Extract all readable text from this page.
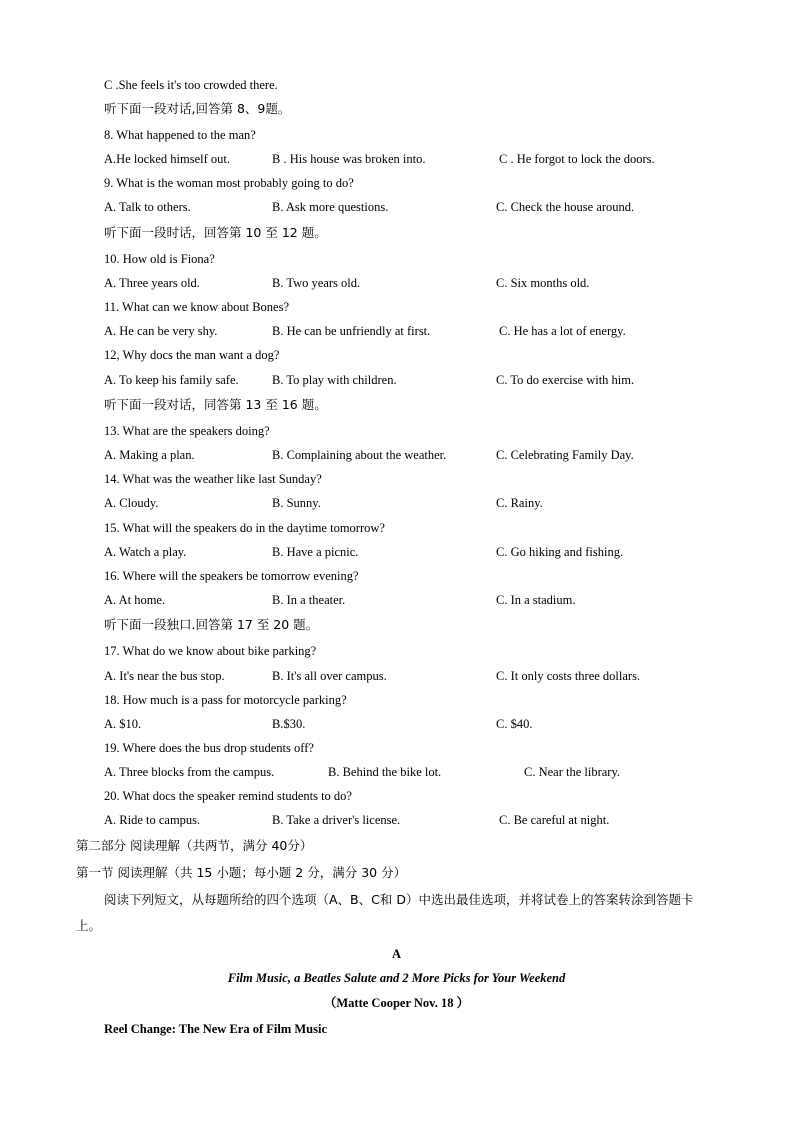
C .She feels it's too crowded there.
听下面一段对话,回答第 8、9题。
8. What happened to the man?
A.He locked himself out.	B . His house was broken into.	C . He forgot to lock the doors.
9. What is the woman most probably going to do?
A. Talk to others.	B. Ask more questions.	C. Check the house around.
听下面一段时话，回答第 10 至 12 题。
10. How old is Fiona?
A. Three years old.	B. Two years old.	C. Six months old.
11. What can we know about Bones?
A. He can be very shy.	B. He can be unfriendly at first.	C. He has a lot of energy.
12, Why docs the man want a dog?
A. To keep his family safe.	B. To play with children.	C. To do exercise with him.
听下面一段对话，同答第 13 至 16 题。
13. What are the speakers doing?
A. Making a plan.	B. Complaining about the weather.	C. Celebrating Family Day.
14. What was the weather like last Sunday?
A. Cloudy.	B. Sunny.	C. Rainy.
15. What will the speakers do in the daytime tomorrow?
A. Watch a play.	B. Have a picnic.	C. Go hiking and fishing.
16. Where will the speakers be tomorrow evening?
A. At home.	B. In a theater.	C. In a stadium.
听下面一段独口.回答第 17 至 20 题。
17. What do we know about bike parking?
A. It's near the bus stop.	B. It's all over campus.	C. It only costs three dollars.
18. How much is a pass for motorcycle parking?
A. $10.	B.$30.	C. $40.
19. Where does the bus drop students off?
A. Three blocks from the campus.	B. Behind the bike lot.	C. Near the library.
20. What docs the speaker remind students to do?
A. Ride to campus.	B. Take a driver's license.	C. Be careful at night.
第二部分 阅读理解（共两节，满分 40分）
第一节 阅读理解（共 15 小题；每小题 2 分，满分 30 分）
阅读下列短文，从每题所给的四个选项（A、B、C和 D）中选出最佳选项，并将试卷上的答案转涂到答题卡上。
A
Film Music, a Beatles Salute and 2 More Picks for Your Weekend
（Matte Cooper Nov. 18 ）
Reel Change: The New Era of Film Music
